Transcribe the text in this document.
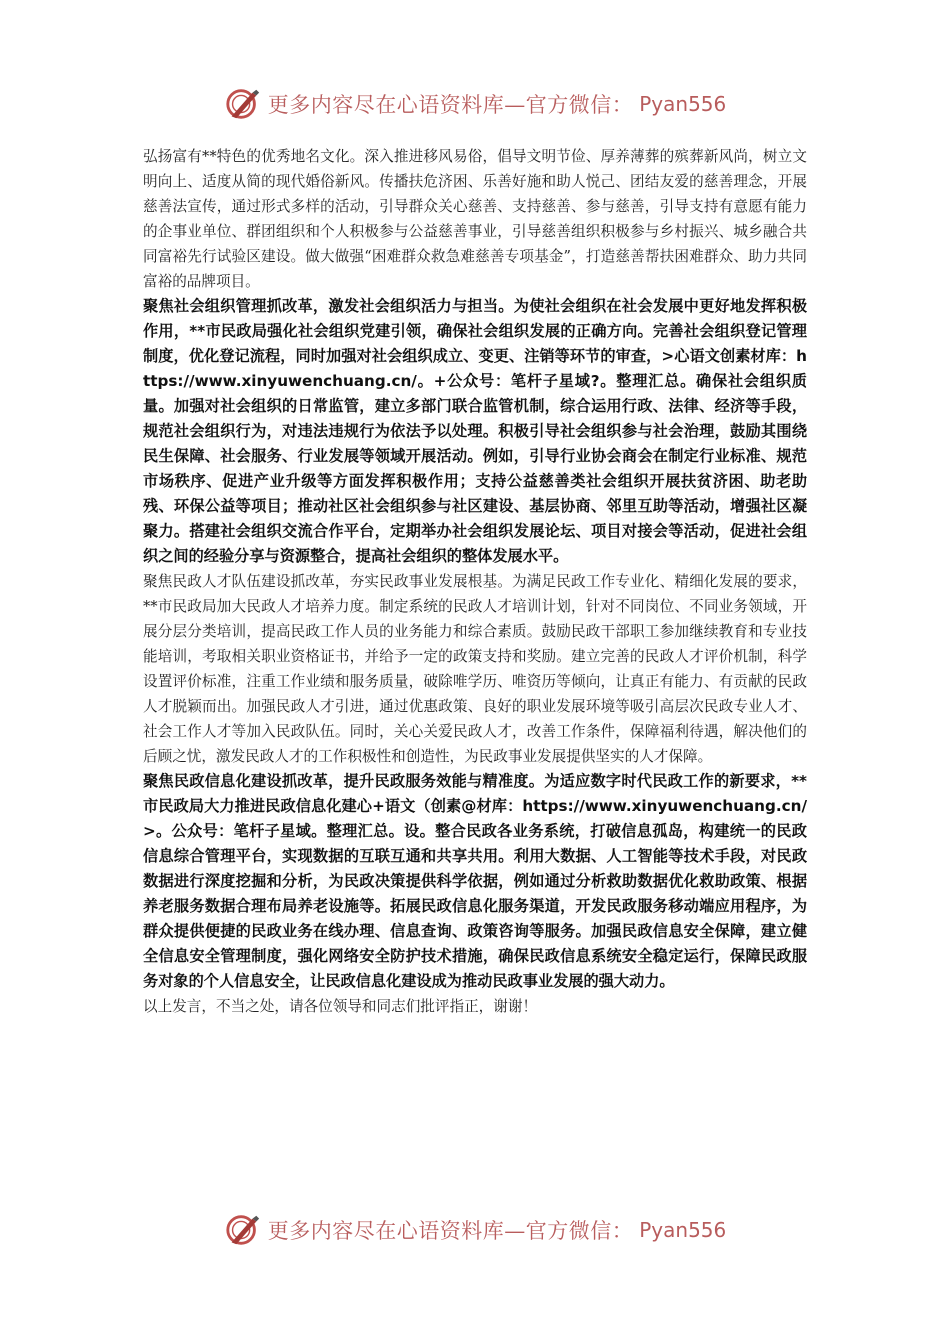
更多内容尽在心语资料库—官方微信： Pyan556

弘扬富有**特色的优秀地名文化。深入推进移风易俗，倡导文明节俭、厚养薄葬的殡葬新风尚，树立文明向上、适度从简的现代婚俗新风。传播扶危济困、乐善好施和助人悦己、团结友爱的慈善理念，开展慈善法宣传，通过形式多样的活动，引导群众关心慈善、支持慈善、参与慈善，引导支持有意愿有能力的企事业单位、群团组织和个人积极参与公益慈善事业，引导慈善组织积极参与乡村振兴、城乡融合共同富裕先行试验区建设。做大做强“困难群众救急难慈善专项基金”，打造慈善帮扶困难群众、助力共同富裕的品牌项目。

聚焦社会组织管理抓改革，激发社会组织活力与担当。为使社会组织在社会发展中更好地发挥积极作用，**市民政局强化社会组织党建引领，确保社会组织发展的正确方向。完善社会组织登记管理制度，优化登记流程，同时加强对社会组织成立、变更、注销等环节的审查，>心语文创素材库：https://www.xinyuwenchuang.cn/。+公众号：笔杆子星域?。整理汇总。确保社会组织质量。加强对社会组织的日常监管，建立多部门联合监管机制，综合运用行政、法律、经济等手段，规范社会组织行为，对违法违规行为依法予以处理。积极引导社会组织参与社会治理，鼓励其围绕民生保障、社会服务、行业发展等领域开展活动。例如，引导行业协会商会在制定行业标准、规范市场秩序、促进产业升级等方面发挥积极作用；支持公益慈善类社会组织开展扶贫济困、助老助残、环保公益等项目；推动社区社会组织参与社区建设、基层协商、邻里互助等活动，增强社区凝聚力。搭建社会组织交流合作平台，定期举办社会组织发展论坛、项目对接会等活动，促进社会组织之间的经验分享与资源整合，提高社会组织的整体发展水平。

聚焦民政人才队伍建设抓改革，夯实民政事业发展根基。为满足民政工作专业化、精细化发展的要求，**市民政局加大民政人才培养力度。制定系统的民政人才培训计划，针对不同岗位、不同业务领域，开展分层分类培训，提高民政工作人员的业务能力和综合素质。鼓励民政干部职工参加继续教育和专业技能培训，考取相关职业资格证书，并给予一定的政策支持和奖励。建立完善的民政人才评价机制，科学设置评价标准，注重工作业绩和服务质量，破除唯学历、唯资历等倾向，让真正有能力、有贡献的民政人才脱颖而出。加强民政人才引进，通过优惠政策、良好的职业发展环境等吸引高层次民政专业人才、社会工作人才等加入民政队伍。同时，关心关爱民政人才，改善工作条件，保障福利待遇，解决他们的后顾之忧，激发民政人才的工作积极性和创造性，为民政事业发展提供坚实的人才保障。

聚焦民政信息化建设抓改革，提升民政服务效能与精准度。为适应数字时代民政工作的新要求，**市民政局大力推进民政信息化建心+语文（创素@材库：https://www.xinyuwenchuang.cn/>。公众号：笔杆子星域。整理汇总。设。整合民政各业务系统，打破信息孤岛，构建统一的民政信息综合管理平台，实现数据的互联互通和共享共用。利用大数据、人工智能等技术手段，对民政数据进行深度挖掘和分析，为民政决策提供科学依据，例如通过分析救助数据优化救助政策、根据养老服务数据合理布局养老设施等。拓展民政信息化服务渠道，开发民政服务移动端应用程序，为群众提供便捷的民政业务在线办理、信息查询、政策咨询等服务。加强民政信息安全保障，建立健全信息安全管理制度，强化网络安全防护技术措施，确保民政信息系统安全稳定运行，保障民政服务对象的个人信息安全，让民政信息化建设成为推动民政事业发展的强大动力。

以上发言，不当之处，请各位领导和同志们批评指正，谢谢！

更多内容尽在心语资料库—官方微信： Pyan556
